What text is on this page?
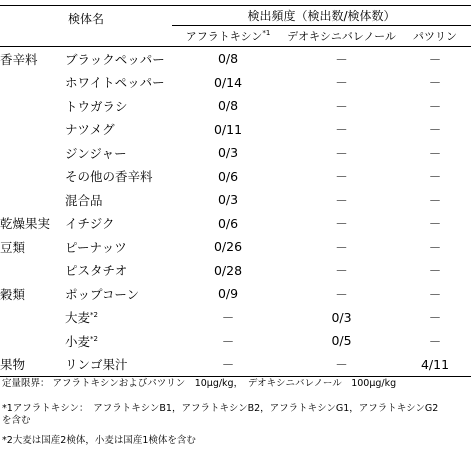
検体名		検出頻度（検出数/検体数）		
		アフラトキシン$^{*1}$	デオキシニバレノール	パツリン
香辛料	ブラックペッパー	0/8	－	－
	ホワイトペッパー	0/14	－	－
	トウガラシ	0/8	－	－
	ナツメグ	0/11	－	－
	ジンジャー	0/3	－	－
	その他の香辛料	0/6	－	－
	混合品	0/3	－	－
乾燥果実	イチジク	0/6	－	－
豆類	ピーナッツ	0/26	－	－
	ピスタチオ	0/28	－	－
穀類	ポップコーン	0/9	－	－
	大麦$^{*2}$	－	0/3	－
	小麦$^{*2}$	－	0/5	－
果物	リンゴ果汁	－	－	4/11

定量限界： アフラトキシンおよびパツリン　10μg/kg，　デオキシニバレノール　100μg/kg

*1アフラトキシン：　アフラトキシンB1，アフラトキシンB2，アフラトキシンG1，アフラトキシンG2

を含む

*2大麦は国産2検体，小麦は国産1検体を含む
